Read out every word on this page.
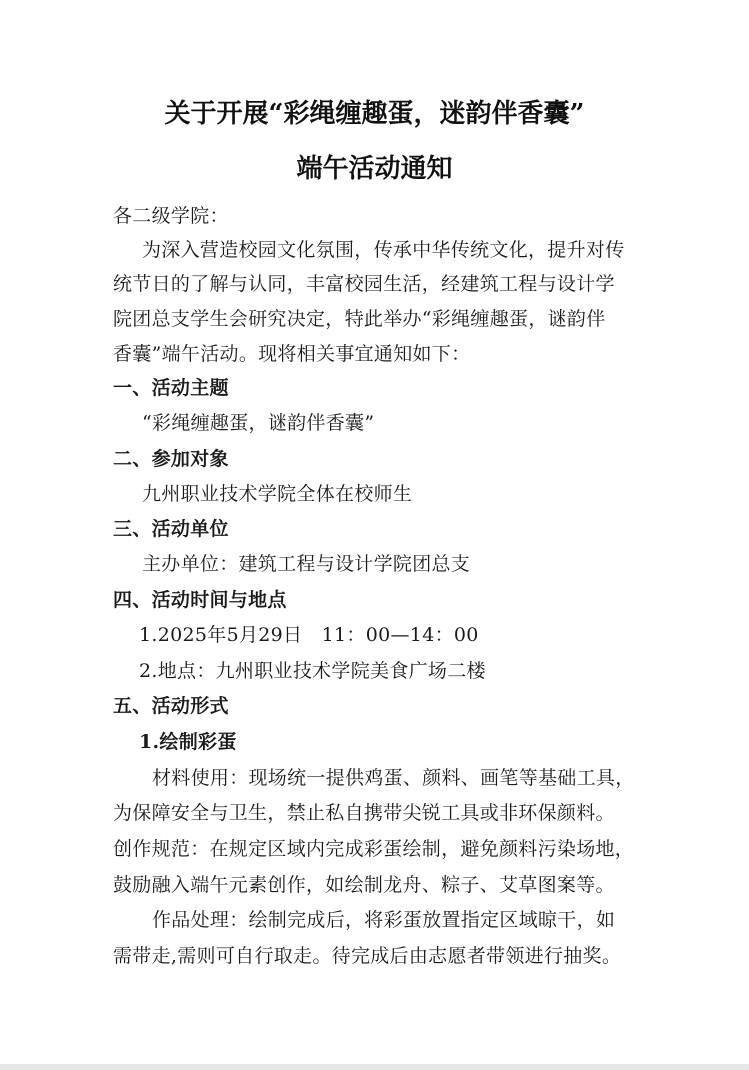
关于开展“彩绳缠趣蛋，迷韵伴香囊”
端午活动通知
各二级学院：
为深入营造校园文化氛围，传承中华传统文化，提升对传
统节日的了解与认同，丰富校园生活，经建筑工程与设计学
院团总支学生会研究决定，特此举办“彩绳缠趣蛋，谜韵伴
香囊”端午活动。现将相关事宜通知如下：
一、活动主题
“彩绳缠趣蛋，谜韵伴香囊”
二、参加对象
九州职业技术学院全体在校师生
三、活动单位
主办单位：建筑工程与设计学院团总支
四、活动时间与地点
1.2025年5月29日　11：00—14：00
2.地点：九州职业技术学院美食广场二楼
五、活动形式
1.绘制彩蛋
材料使用：现场统一提供鸡蛋、颜料、画笔等基础工具，
为保障安全与卫生，禁止私自携带尖锐工具或非环保颜料。
创作规范：在规定区域内完成彩蛋绘制，避免颜料污染场地，
鼓励融入端午元素创作，如绘制龙舟、粽子、艾草图案等。
作品处理：绘制完成后，将彩蛋放置指定区域晾干，如
需带走,需则可自行取走。待完成后由志愿者带领进行抽奖。
